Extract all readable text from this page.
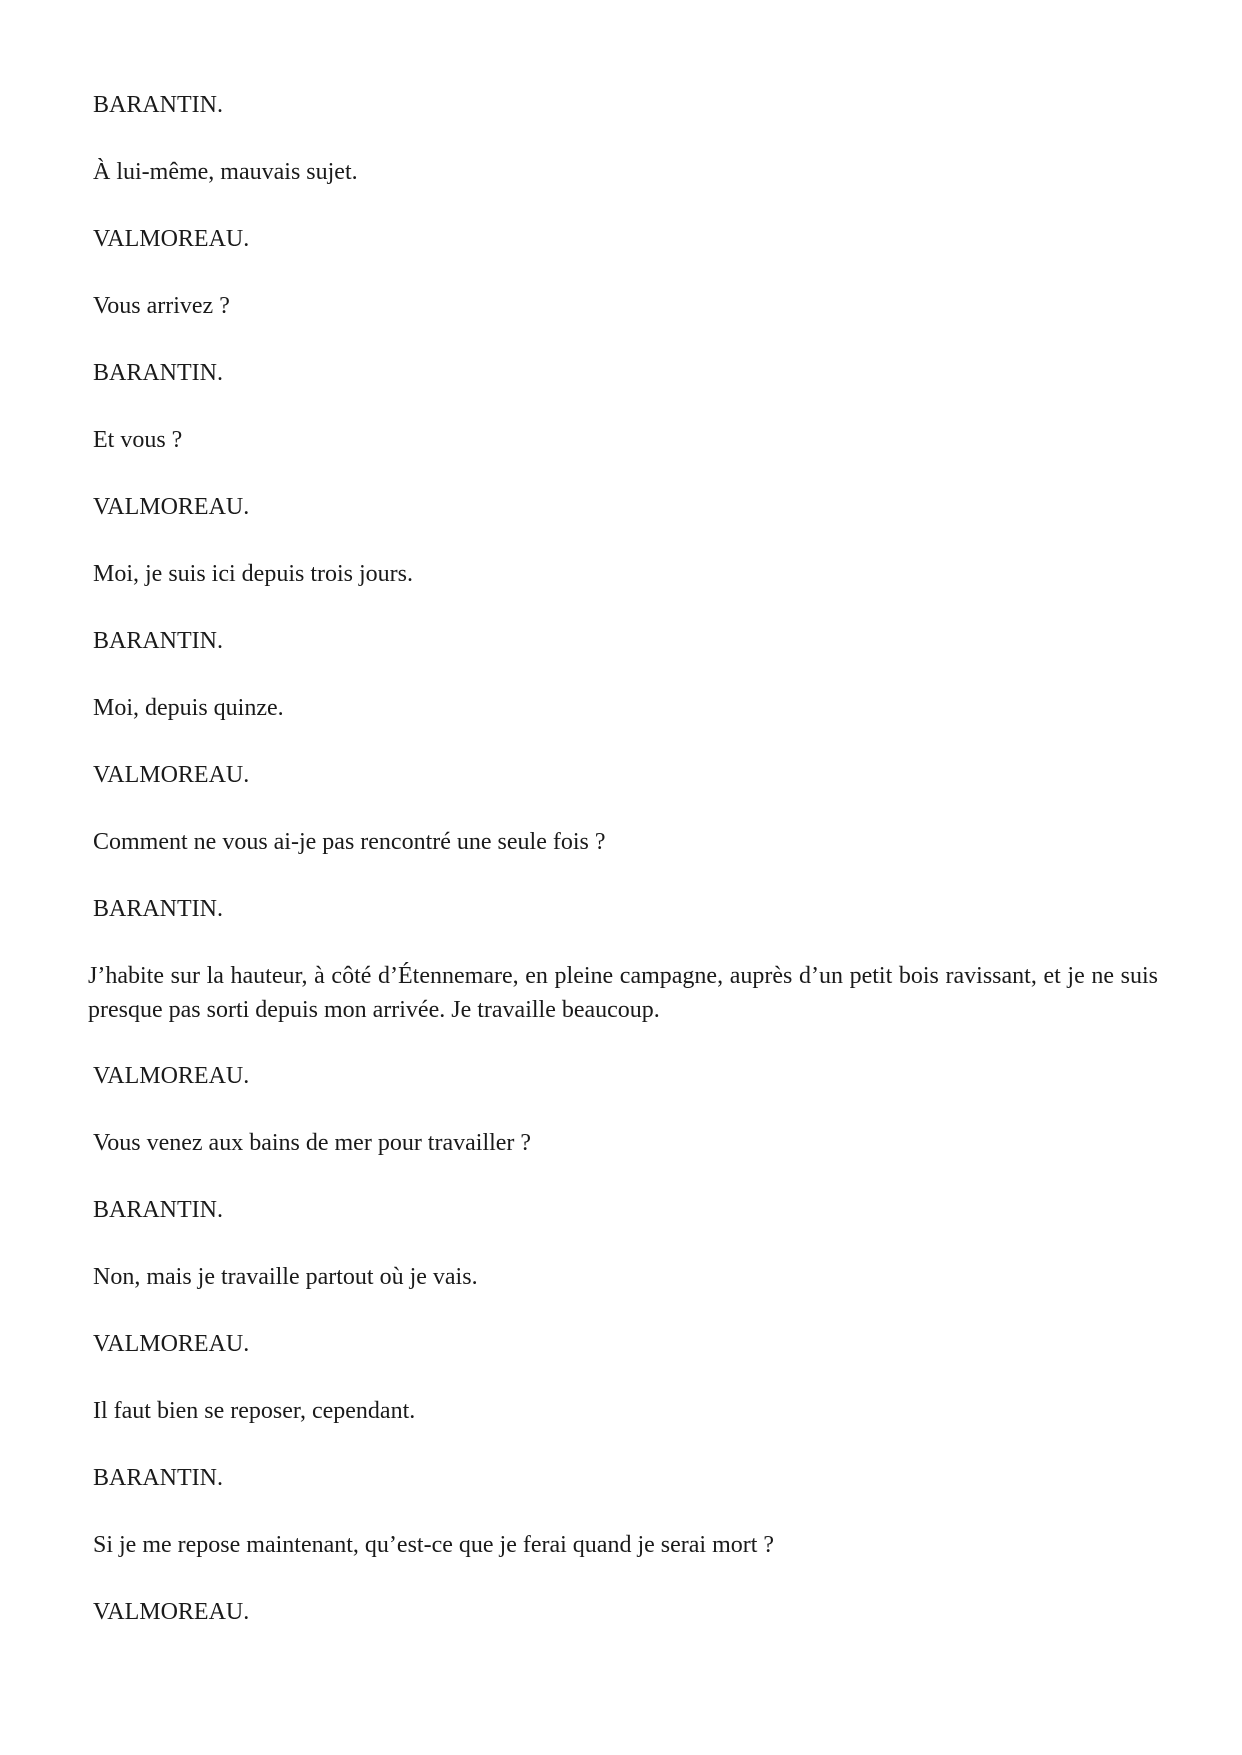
BARANTIN.
À lui-même, mauvais sujet.
VALMOREAU.
Vous arrivez ?
BARANTIN.
Et vous ?
VALMOREAU.
Moi, je suis ici depuis trois jours.
BARANTIN.
Moi, depuis quinze.
VALMOREAU.
Comment ne vous ai-je pas rencontré une seule fois ?
BARANTIN.
J’habite sur la hauteur, à côté d’Étennemare, en pleine campagne, auprès d’un petit bois ravissant, et je ne suis presque pas sorti depuis mon arrivée. Je travaille beaucoup.
VALMOREAU.
Vous venez aux bains de mer pour travailler ?
BARANTIN.
Non, mais je travaille partout où je vais.
VALMOREAU.
Il faut bien se reposer, cependant.
BARANTIN.
Si je me repose maintenant, qu’est-ce que je ferai quand je serai mort ?
VALMOREAU.
